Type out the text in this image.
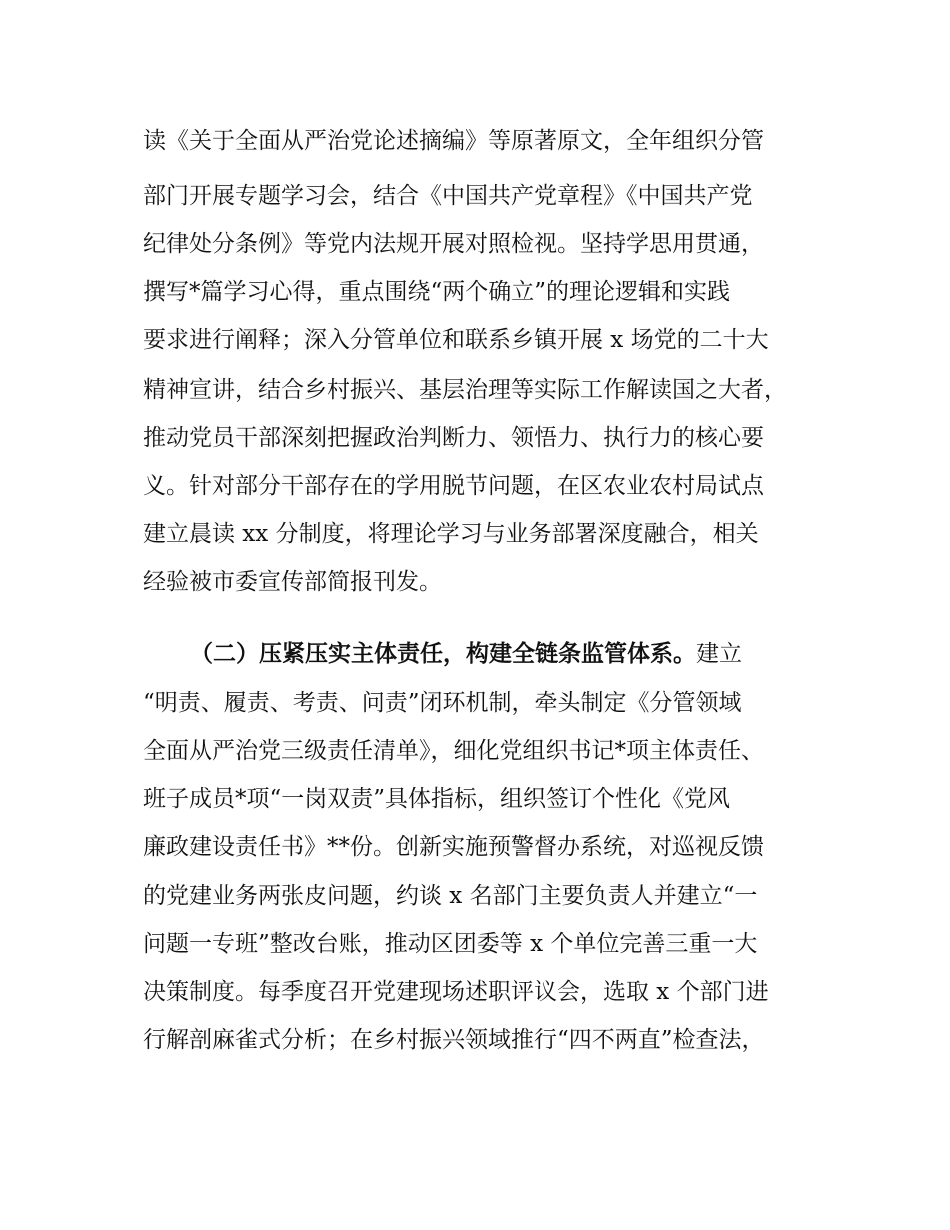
读《关于全面从严治党论述摘编》等原著原文，全年组织分管
部门开展专题学习会，结合《中国共产党章程》《中国共产党
纪律处分条例》等党内法规开展对照检视。坚持学思用贯通，
撰写*篇学习心得，重点围绕“两个确立”的理论逻辑和实践
要求进行阐释；深入分管单位和联系乡镇开展 x 场党的二十大
精神宣讲，结合乡村振兴、基层治理等实际工作解读国之大者，
推动党员干部深刻把握政治判断力、领悟力、执行力的核心要
义。针对部分干部存在的学用脱节问题，在区农业农村局试点
建立晨读 xx 分制度，将理论学习与业务部署深度融合，相关
经验被市委宣传部简报刊发。
（二）压紧压实主体责任，构建全链条监管体系。建立
“明责、履责、考责、问责”闭环机制，牵头制定《分管领域
全面从严治党三级责任清单》，细化党组织书记*项主体责任、
班子成员*项“一岗双责”具体指标，组织签订个性化《党风
廉政建设责任书》**份。创新实施预警督办系统，对巡视反馈
的党建业务两张皮问题，约谈 x 名部门主要负责人并建立“一
问题一专班”整改台账，推动区团委等 x 个单位完善三重一大
决策制度。每季度召开党建现场述职评议会，选取 x 个部门进
行解剖麻雀式分析；在乡村振兴领域推行“四不两直”检查法，
